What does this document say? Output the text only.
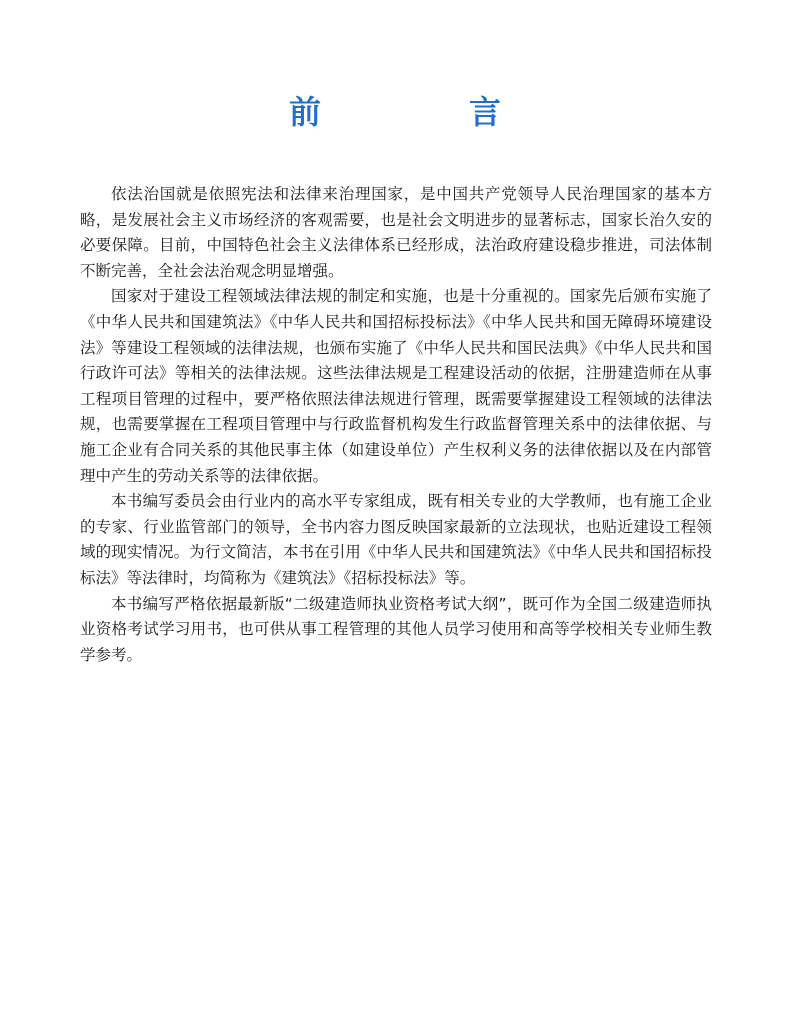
前　言

依法治国就是依照宪法和法律来治理国家，是中国共产党领导人民治理国家的基本方略，是发展社会主义市场经济的客观需要，也是社会文明进步的显著标志，国家长治久安的必要保障。目前，中国特色社会主义法律体系已经形成，法治政府建设稳步推进，司法体制不断完善，全社会法治观念明显增强。

国家对于建设工程领域法律法规的制定和实施，也是十分重视的。国家先后颁布实施了《中华人民共和国建筑法》《中华人民共和国招标投标法》《中华人民共和国无障碍环境建设法》等建设工程领域的法律法规，也颁布实施了《中华人民共和国民法典》《中华人民共和国行政许可法》等相关的法律法规。这些法律法规是工程建设活动的依据，注册建造师在从事工程项目管理的过程中，要严格依照法律法规进行管理，既需要掌握建设工程领域的法律法规，也需要掌握在工程项目管理中与行政监督机构发生行政监督管理关系中的法律依据、与施工企业有合同关系的其他民事主体（如建设单位）产生权利义务的法律依据以及在内部管理中产生的劳动关系等的法律依据。

本书编写委员会由行业内的高水平专家组成，既有相关专业的大学教师，也有施工企业的专家、行业监管部门的领导，全书内容力图反映国家最新的立法现状，也贴近建设工程领域的现实情况。为行文简洁，本书在引用《中华人民共和国建筑法》《中华人民共和国招标投标法》等法律时，均简称为《建筑法》《招标投标法》等。

本书编写严格依据最新版“二级建造师执业资格考试大纲”，既可作为全国二级建造师执业资格考试学习用书，也可供从事工程管理的其他人员学习使用和高等学校相关专业师生教学参考。
